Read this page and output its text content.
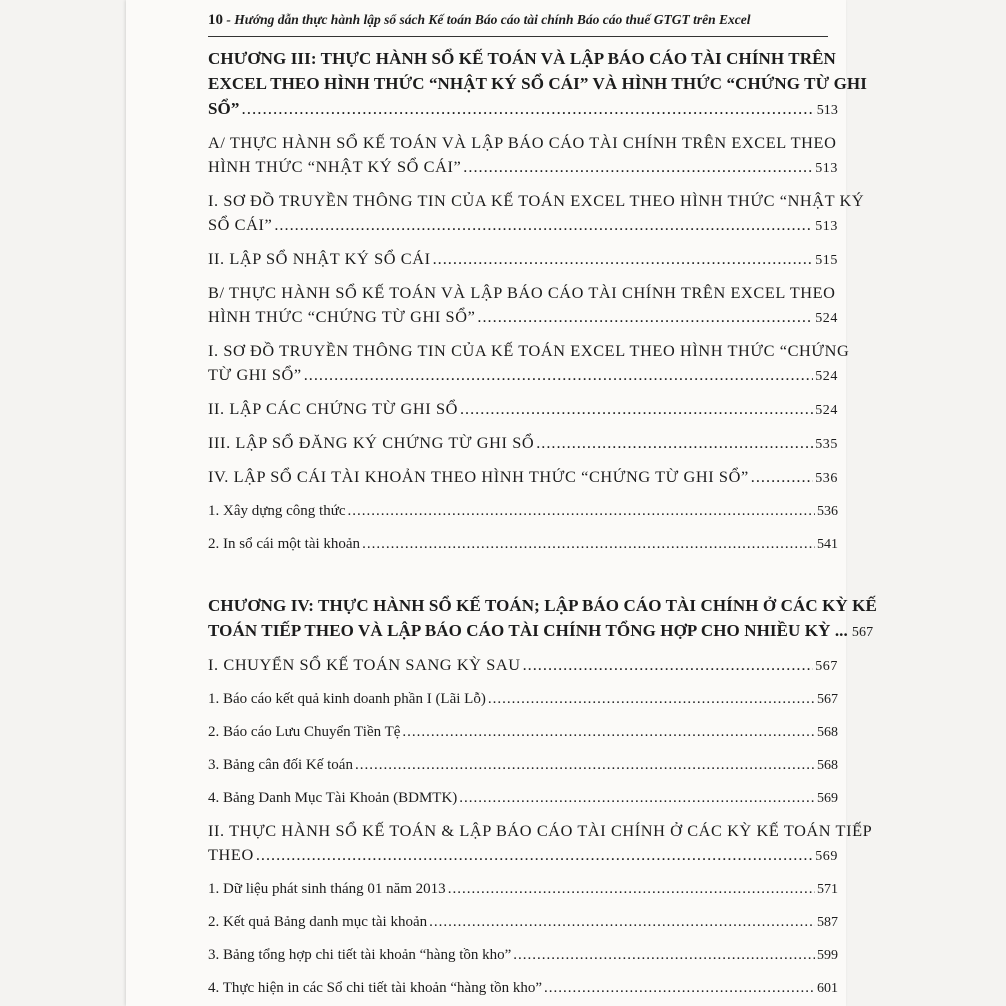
10 - Hướng dẫn thực hành lập sổ sách Kế toán Báo cáo tài chính Báo cáo thuế GTGT trên Excel
CHƯƠNG III: THỰC HÀNH SỔ KẾ TOÁN VÀ LẬP BÁO CÁO TÀI CHÍNH TRÊN
EXCEL THEO HÌNH THỨC “NHẬT KÝ SỔ CÁI” VÀ HÌNH THỨC “CHỨNG TỪ GHI
SỔ” .....	513
A/ THỰC HÀNH SỔ KẾ TOÁN VÀ LẬP BÁO CÁO TÀI CHÍNH TRÊN EXCEL THEO
HÌNH THỨC “NHẬT KÝ SỔ CÁI” .....	513
I. SƠ ĐỒ TRUYỀN THÔNG TIN CỦA KẾ TOÁN EXCEL THEO HÌNH THỨC “NHẬT KÝ
SỔ CÁI” .....	513
II. LẬP SỔ NHẬT KÝ SỔ CÁI .....	515
B/ THỰC HÀNH SỔ KẾ TOÁN VÀ LẬP BÁO CÁO TÀI CHÍNH TRÊN EXCEL THEO
HÌNH THỨC “CHỨNG TỪ GHI SỔ” .....	524
I. SƠ ĐỒ TRUYỀN THÔNG TIN CỦA KẾ TOÁN EXCEL THEO HÌNH THỨC “CHỨNG
TỪ GHI SỔ” .....	524
II. LẬP CÁC CHỨNG TỪ GHI SỔ .....	524
III. LẬP SỔ ĐĂNG KÝ CHỨNG TỪ GHI SỔ .....	535
IV. LẬP SỔ CÁI TÀI KHOẢN THEO HÌNH THỨC “CHỨNG TỪ GHI SỔ” .....	536
1. Xây dựng công thức .....	536
2. In sổ cái một tài khoản .....	541
CHƯƠNG IV: THỰC HÀNH SỔ KẾ TOÁN; LẬP BÁO CÁO TÀI CHÍNH Ở CÁC KỲ KẾ
TOÁN TIẾP THEO VÀ LẬP BÁO CÁO TÀI CHÍNH TỔNG HỢP CHO NHIỀU KỲ ... 567
I. CHUYỂN SỔ KẾ TOÁN SANG KỲ SAU .....	567
1. Báo cáo kết quả kinh doanh phần I (Lãi Lỗ) .....	567
2. Báo cáo Lưu Chuyển Tiền Tệ .....	568
3. Bảng cân đối Kế toán .....	568
4. Bảng Danh Mục Tài Khoản (BDMTK) .....	569
II. THỰC HÀNH SỔ KẾ TOÁN & LẬP BÁO CÁO TÀI CHÍNH Ở CÁC KỲ KẾ TOÁN TIẾP
THEO .....	569
1. Dữ liệu phát sinh tháng 01 năm 2013 .....	571
2. Kết quả Bảng danh mục tài khoản .....	587
3. Bảng tổng hợp chi tiết tài khoản “hàng tồn kho” .....	599
4. Thực hiện in các Sổ chi tiết tài khoản “hàng tồn kho” .....	601
